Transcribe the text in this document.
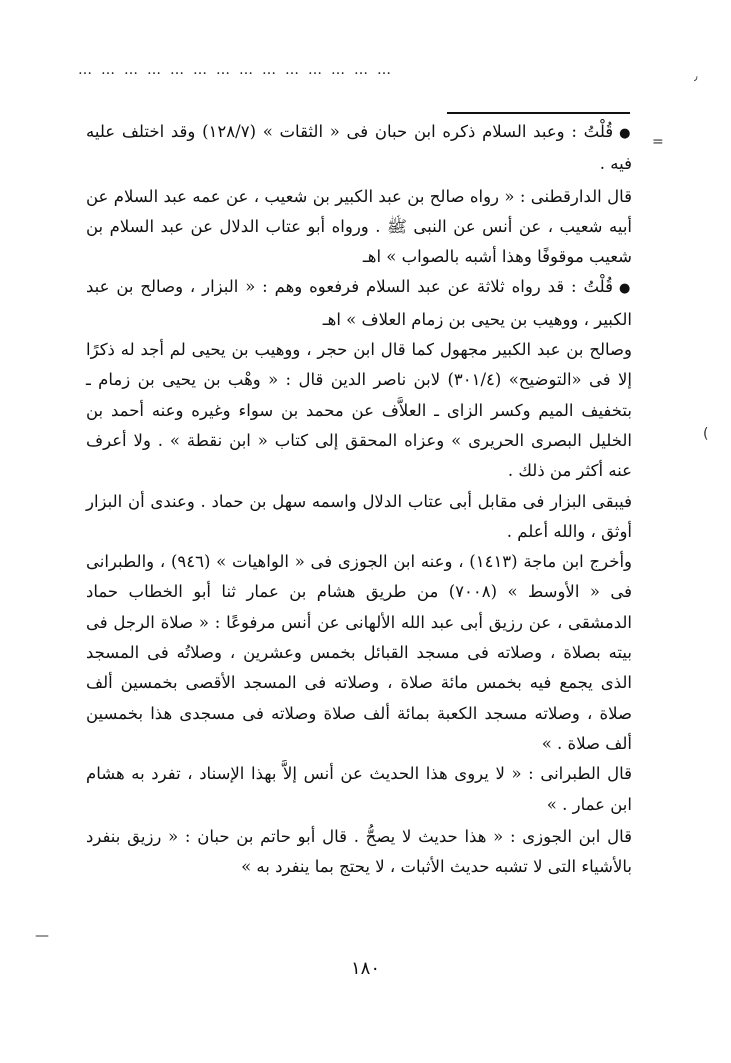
……………………………………
=
٫
—
(

●قُلْتُ : وعبد السلام ذكره ابن حبان فى « الثقات » (١٢٨/٧) وقد اختلف عليه فيه .

قال الدارقطنى : « رواه صالح بن عبد الكبير بن شعيب ، عن عمه عبد السلام عن أبيه شعيب ، عن أنس عن النبى ﷺ . ورواه أبو عتاب الدلال عن عبد السلام بن شعيب موقوفًا وهذا أشبه بالصواب » اهـ

●قُلْتُ : قد رواه ثلاثة عن عبد السلام فرفعوه وهم : « البزار ، وصالح بن عبد الكبير ، ووهيب بن يحيى بن زمام العلاف » اهـ

وصالح بن عبد الكبير مجهول كما قال ابن حجر ، ووهيب بن يحيى لم أجد له ذكرًا إلا فى «التوضيح» (٣٠١/٤) لابن ناصر الدين قال : « وهْب بن يحيى بن زمام ـ بتخفيف الميم وكسر الزاى ـ العلاَّف عن محمد بن سواء وغيره وعنه أحمد بن الخليل البصرى الحريرى » وعزاه المحقق إلى كتاب « ابن نقطة » . ولا أعرف عنه أكثر من ذلك .

فيبقى البزار فى مقابل أبى عتاب الدلال واسمه سهل بن حماد . وعندى أن البزار أوثق ، والله أعلم .

وأخرج ابن ماجة (١٤١٣) ، وعنه ابن الجوزى فى « الواهيات » (٩٤٦) ، والطبرانى فى « الأوسط » (٧٠٠٨) من طريق هشام بن عمار ثنا أبو الخطاب حماد الدمشقى ، عن رزيق أبى عبد الله الألهانى عن أنس مرفوعًا : « صلاة الرجل فى بيته بصلاة ، وصلاته فى مسجد القبائل بخمس وعشرين ، وصلاتُه فى المسجد الذى يجمع فيه بخمس مائة صلاة ، وصلاته فى المسجد الأقصى بخمسين ألف صلاة ، وصلاته مسجد الكعبة بمائة ألف صلاة وصلاته فى مسجدى هذا بخمسين ألف صلاة . »

قال الطبرانى : « لا يروى هذا الحديث عن أنس إلاَّ بهذا الإسناد ، تفرد به هشام ابن عمار . »

قال ابن الجوزى : « هذا حديث لا يصحُّ . قال أبو حاتم بن حبان : « رزيق بنفرد بالأشياء التى لا تشبه حديث الأثبات ، لا يحتج بما ينفرد به »

١٨٠
